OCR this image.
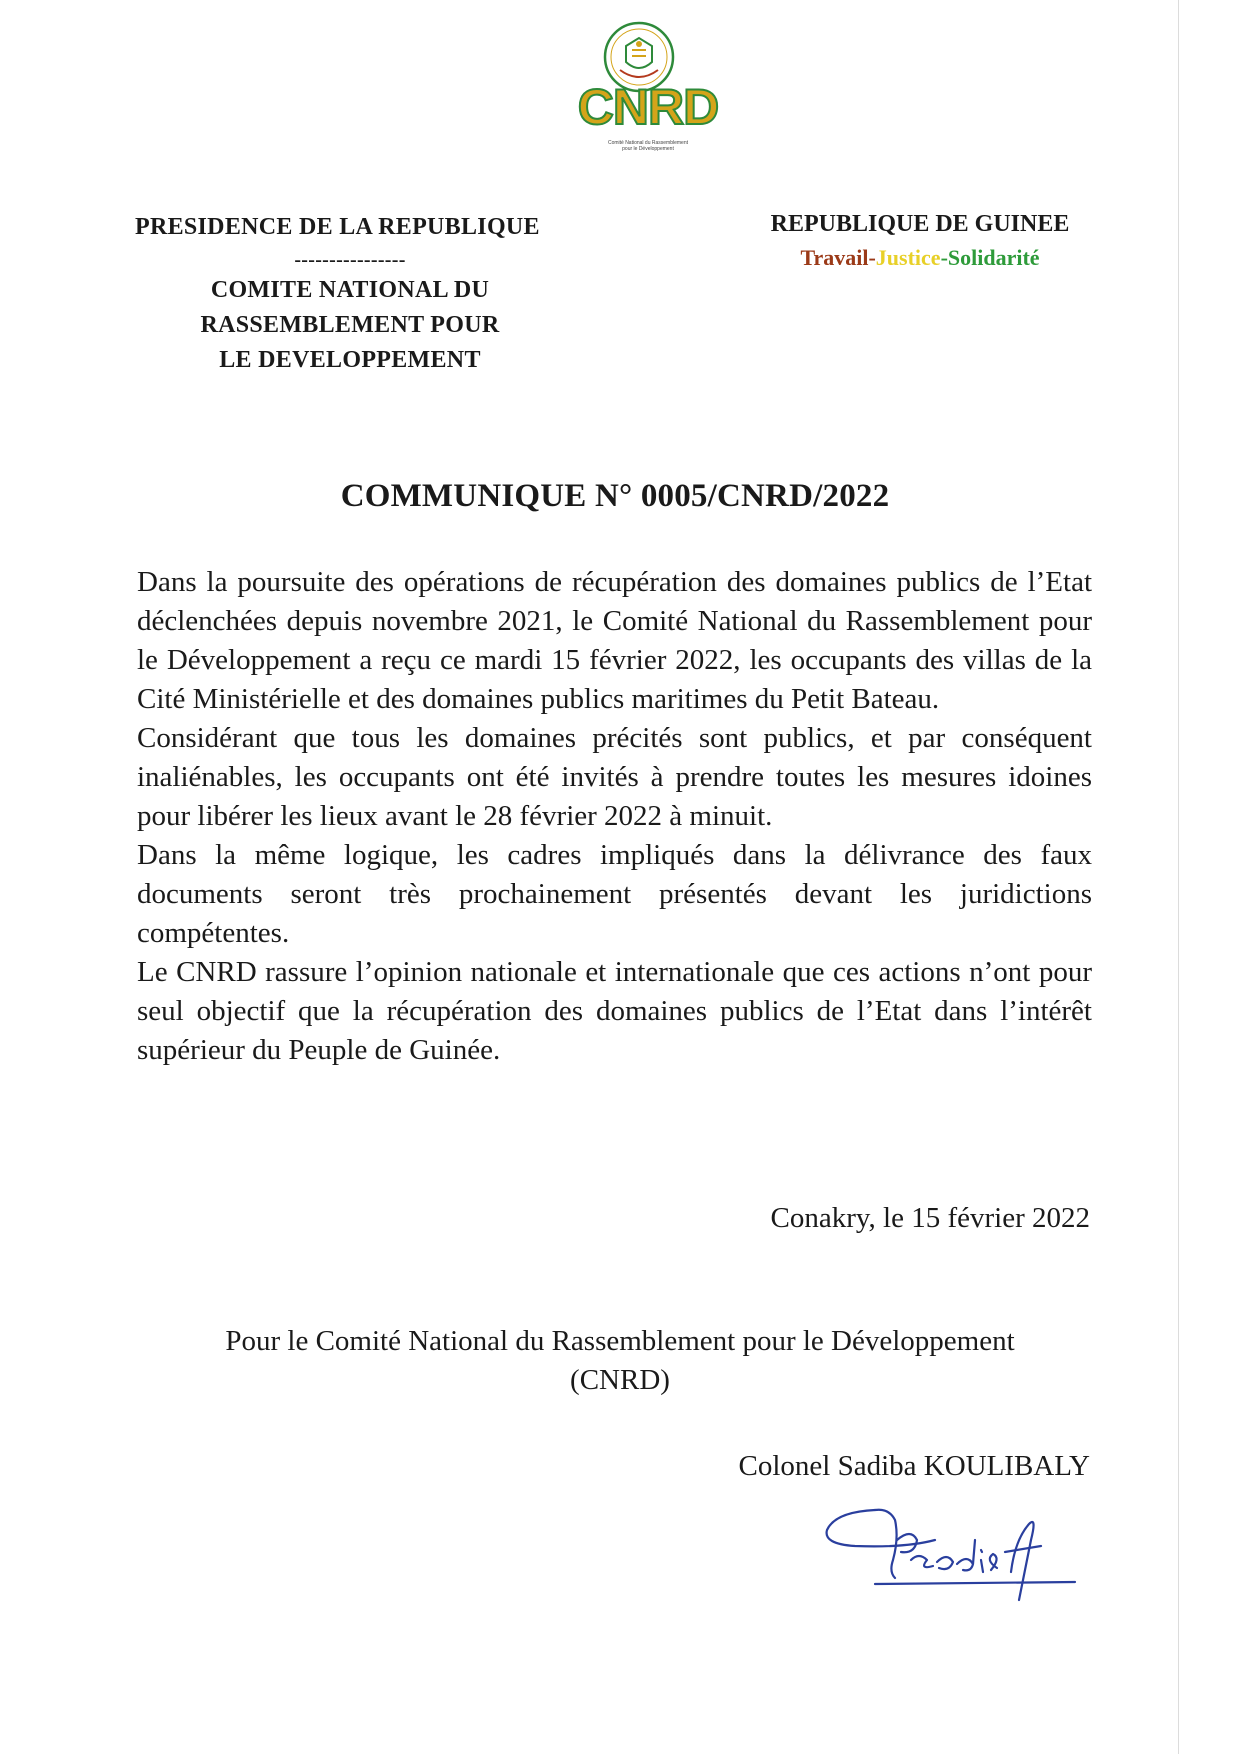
CNRD
Comité National du Rassemblement
pour le Développement
PRESIDENCE DE LA REPUBLIQUE
----------------
COMITE NATIONAL DU
RASSEMBLEMENT POUR
LE DEVELOPPEMENT
REPUBLIQUE DE GUINEE
Travail-Justice-Solidarité
COMMUNIQUE N° 0005/CNRD/2022

Dans la poursuite des opérations de récupération des domaines publics de l’Etat déclenchées depuis novembre 2021, le Comité National du Rassemblement pour le Développement a reçu ce mardi 15 février 2022, les occupants des villas de la Cité Ministérielle et des domaines publics maritimes du Petit Bateau.

Considérant que tous les domaines précités sont publics, et par conséquent inaliénables, les occupants ont été invités à prendre toutes les mesures idoines pour libérer les lieux avant le 28 février 2022 à minuit.

Dans la même logique, les cadres impliqués dans la délivrance des faux documents seront très prochainement présentés devant les juridictions compétentes.

Le CNRD rassure l’opinion nationale et internationale que ces actions n’ont pour seul objectif que la récupération des domaines publics de l’Etat dans l’intérêt supérieur du Peuple de Guinée.

Conakry, le 15 février 2022
Pour le Comité National du Rassemblement pour le Développement
(CNRD)
Colonel Sadiba KOULIBALY
